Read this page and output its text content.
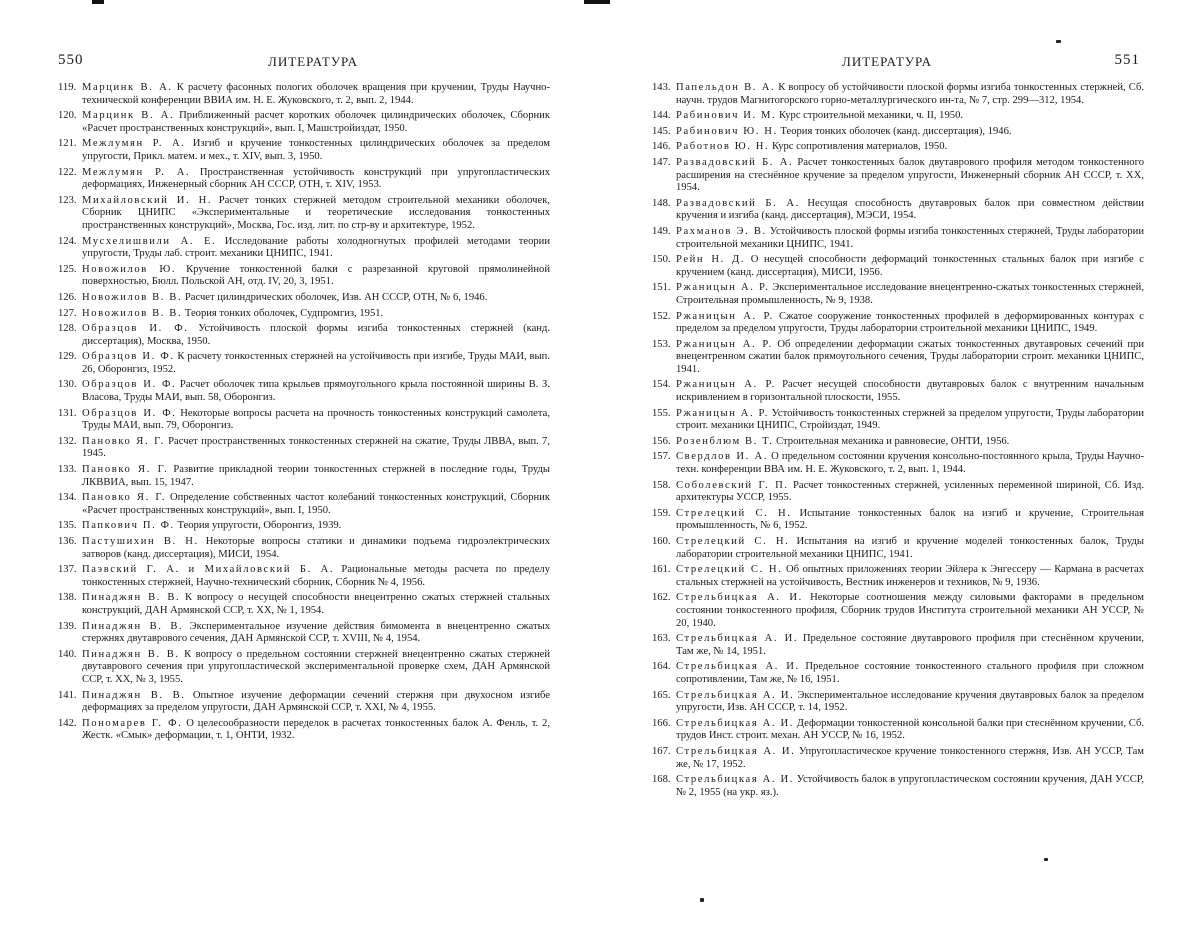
550	ЛИТЕРАТУРА
119. Марцинк В. А. К расчету фасонных пологих оболочек вращения при кручении, Труды Научно-технической конференции ВВИА им. Н. Е. Жуковского, т. 2, вып. 2, 1944.
120. Марцинк В. А. Приближенный расчет коротких оболочек цилиндрических оболочек, Сборник «Расчет пространственных конструкций», вып. I, Машстройиздат, 1950.
121. Межлумян Р. А. Изгиб и кручение тонкостенных цилиндрических оболочек за пределом упругости, Прикл. матем. и мех., т. XIV, вып. 3, 1950.
122. Межлумян Р. А. Пространственная устойчивость конструкций при упругопластических деформациях, Инженерный сборник АН СССР, ОТН, т. XIV, 1953.
123. Михайловский И. Н. Расчет тонких стержней методом строительной механики оболочек, Сборник ЦНИПС «Экспериментальные и теоретические исследования тонкостенных пространственных конструкций», Москва, Гос. изд. лит. по стр-ву и архитектуре, 1952.
124. Мусхелишвили А. Е. Исследование работы холодногнутых профилей методами теории упругости, Труды лаб. строит. механики ЦНИПС, 1941.
125. Новожилов Ю. Кручение тонкостенной балки с разрезанной круговой прямолинейной поверхностью, Бюлл. Польской АН, отд. IV, 20, 3, 1951.
126. Новожилов В. В. Расчет цилиндрических оболочек, Изв. АН СССР, ОТН, № 6, 1946.
127. Новожилов В. В. Теория тонких оболочек, Судпромгиз, 1951.
128. Образцов И. Ф. Устойчивость плоской формы изгиба тонкостенных стержней (канд. диссертация), Москва, 1950.
129. Образцов И. Ф. К расчету тонкостенных стержней на устойчивость при изгибе, Труды МАИ, вып. 26, Оборонгиз, 1952.
130. Образцов И. Ф. Расчет оболочек типа крыльев прямоугольного крыла постоянной ширины В. З. Власова, Труды МАИ, вып. 58, Оборонгиз.
131. Образцов И. Ф. Некоторые вопросы расчета на прочность тонкостенных конструкций самолета, Труды МАИ, вып. 79, Оборонгиз.
132. Пановко Я. Г. Расчет пространственных тонкостенных стержней на сжатие, Труды ЛВВА, вып. 7, 1945.
133. Пановко Я. Г. Развитие прикладной теории тонкостенных стержней в последние годы, Труды ЛКВВИА, вып. 15, 1947.
134. Пановко Я. Г. Определение собственных частот колебаний тонкостенных конструкций, Сборник «Расчет пространственных конструкций», вып. I, 1950.
135. Папкович П. Ф. Теория упругости, Оборонгиз, 1939.
136. Пастушихин В. Н. Некоторые вопросы статики и динамики подъема гидроэлектрических затворов (канд. диссертация), МИСИ, 1954.
137. Паэвский Г. А. и Михайловский Б. А. Рациональные методы расчета по пределу тонкостенных стержней, Научно-технический сборник, Сборник № 4, 1956.
138. Пинаджян В. В. К вопросу о несущей способности внецентренно сжатых стержней стальных конструкций, ДАН Армянской ССР, т. XX, № 1, 1954.
139. Пинаджян В. В. Экспериментальное изучение действия бимомента в внецентренно сжатых стержнях двутаврового сечения, ДАН Армянской ССР, т. XVIII, № 4, 1954.
140. Пинаджян В. В. К вопросу о предельном состоянии стержней внецентренно сжатых стержней двутаврового сечения при упругопластической экспериментальной проверке схем, ДАН Армянской ССР, т. XX, № 3, 1955.
141. Пинаджян В. В. Опытное изучение деформации сечений стержня при двухосном изгибе деформациях за пределом упругости, ДАН Армянской ССР, т. XXI, № 4, 1955.
142. Пономарев Г. Ф. О целесообразности переделок в расчетах тонкостенных балок А. Фенль, т. 2, Жестк. «Смык» деформации, т. 1, ОНТИ, 1932.
ЛИТЕРАТУРА	551
143. Папельдон В. А. К вопросу об устойчивости плоской формы изгиба тонкостенных стержней, Сб. научн. трудов Магнитогорского горно-металлургического ин-та, № 7, стр. 299—312, 1954.
144. Рабинович И. М. Курс строительной механики, ч. II, 1950.
145. Рабинович Ю. Н. Теория тонких оболочек (канд. диссертация), 1946.
146. Работнов Ю. Н. Курс сопротивления материалов, 1950.
147. Развадовский Б. А. Расчет тонкостенных балок двутаврового профиля методом тонкостенного расширения на стеснённое кручение за пределом упругости, Инженерный сборник АН СССР, т. XX, 1954.
148. Развадовский Б. А. Несущая способность двутавровых балок при совместном действии кручения и изгиба (канд. диссертация), МЭСИ, 1954.
149. Рахманов Э. В. Устойчивость плоской формы изгиба тонкостенных стержней, Труды лаборатории строительной механики ЦНИПС, 1941.
150. Рейн Н. Д. О несущей способности деформаций тонкостенных стальных балок при изгибе с кручением (канд. диссертация), МИСИ, 1956.
151. Ржаницын А. Р. Экспериментальное исследование внецентренно-сжатых тонкостенных стержней, Строительная промышленность, № 9, 1938.
152. Ржаницын А. Р. Сжатое сооружение тонкостенных профилей в деформированных контурах с пределом за пределом упругости, Труды лаборатории строительной механики ЦНИПС, 1949.
153. Ржаницын А. Р. Об определении деформации сжатых тонкостенных двутавровых сечений при внецентренном сжатии балок прямоугольного сечения, Труды лаборатории строит. механики ЦНИПС, 1941.
154. Ржаницын А. Р. Расчет несущей способности двутавровых балок с внутренним начальным искривлением в горизонтальной плоскости, 1955.
155. Ржаницын А. Р. Устойчивость тонкостенных стержней за пределом упругости, Труды лаборатории строит. механики ЦНИПС, Стройиздат, 1949.
156. Розенблюм В. Т. Строительная механика и равновесие, ОНТИ, 1956.
157. Свердлов И. А. О предельном состоянии кручения консольно-постоянного крыла, Труды Научно-техн. конференции ВВА им. Н. Е. Жуковского, т. 2, вып. 1, 1944.
158. Соболевский Г. П. Расчет тонкостенных стержней, усиленных переменной шириной, Сб. Изд. архитектуры УССР, 1955.
159. Стрелецкий С. Н. Испытание тонкостенных балок на изгиб и кручение, Строительная промышленность, № 6, 1952.
160. Стрелецкий С. Н. Испытания на изгиб и кручение моделей тонкостенных балок, Труды лаборатории строительной механики ЦНИПС, 1941.
161. Стрелецкий С. Н. Об опытных приложениях теории Эйлера к Энгессеру — Кармана в расчетах стальных стержней на устойчивость, Вестник инженеров и техников, № 9, 1936.
162. Стрельбицкая А. И. Некоторые соотношения между силовыми факторами в предельном состоянии тонкостенного профиля, Сборник трудов Института строительной механики АН УССР, № 20, 1940.
163. Стрельбицкая А. И. Предельное состояние двутаврового профиля при стеснённом кручении, Там же, № 14, 1951.
164. Стрельбицкая А. И. Предельное состояние тонкостенного стального профиля при сложном сопротивлении, Там же, № 16, 1951.
165. Стрельбицкая А. И. Экспериментальное исследование кручения двутавровых балок за пределом упругости, Изв. АН СССР, т. 14, 1952.
166. Стрельбицкая А. И. Деформации тонкостенной консольной балки при стеснённом кручении, Сб. трудов Инст. строит. механ. АН УССР, № 16, 1952.
167. Стрельбицкая А. И. Упругопластическое кручение тонкостенного стержня, Изв. АН УССР, Там же, № 17, 1952.
168. Стрельбицкая А. И. Устойчивость балок в упругопластическом состоянии кручения, ДАН УССР, № 2, 1955 (на укр. яз.).
